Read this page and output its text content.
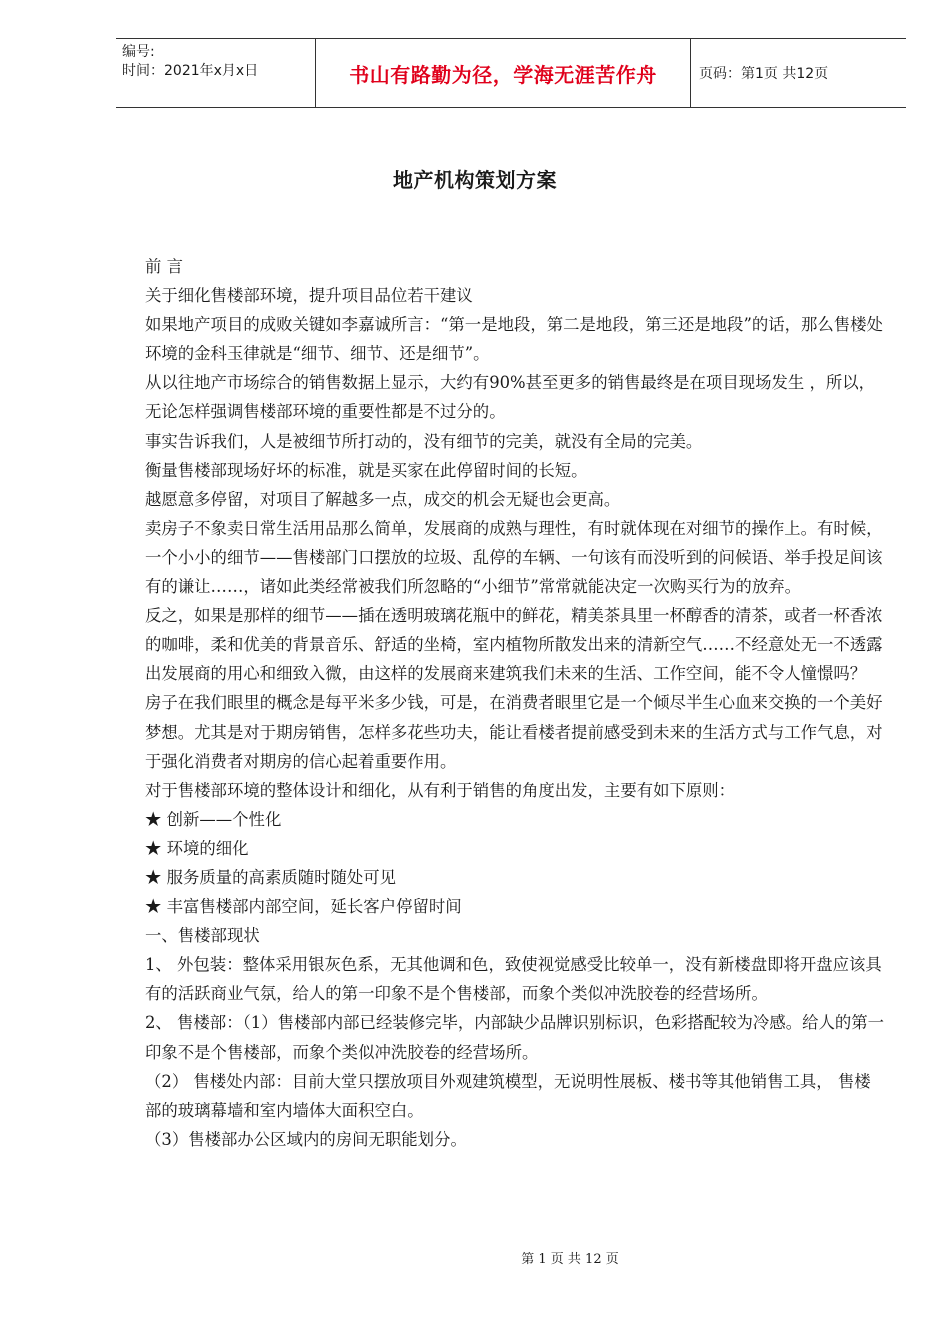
编号:
时间：2021年x月x日	书山有路勤为径，学海无涯苦作舟	页码：第1页 共12页
地产机构策划方案

前 言

关于细化售楼部环境，提升项目品位若干建议

如果地产项目的成败关键如李嘉诚所言：“第一是地段，第二是地段，第三还是地段”的话，那么售楼处环境的金科玉律就是“细节、细节、还是细节”。

从以往地产市场综合的销售数据上显示，大约有90%甚至更多的销售最终是在项目现场发生 ，所以，无论怎样强调售楼部环境的重要性都是不过分的。

事实告诉我们，人是被细节所打动的，没有细节的完美，就没有全局的完美。

衡量售楼部现场好坏的标准，就是买家在此停留时间的长短。

越愿意多停留，对项目了解越多一点，成交的机会无疑也会更高。

卖房子不象卖日常生活用品那么简单，发展商的成熟与理性，有时就体现在对细节的操作上。有时候，一个小小的细节——售楼部门口摆放的垃圾、乱停的车辆、一句该有而没听到的问候语、举手投足间该有的谦让……，诸如此类经常被我们所忽略的“小细节”常常就能决定一次购买行为的放弃。

反之，如果是那样的细节——插在透明玻璃花瓶中的鲜花，精美茶具里一杯醇香的清茶，或者一杯香浓的咖啡，柔和优美的背景音乐、舒适的坐椅，室内植物所散发出来的清新空气……不经意处无一不透露出发展商的用心和细致入微，由这样的发展商来建筑我们未来的生活、工作空间，能不令人憧憬吗？

房子在我们眼里的概念是每平米多少钱，可是，在消费者眼里它是一个倾尽半生心血来交换的一个美好梦想。尤其是对于期房销售，怎样多花些功夫，能让看楼者提前感受到未来的生活方式与工作气息，对于强化消费者对期房的信心起着重要作用。

对于售楼部环境的整体设计和细化，从有利于销售的角度出发，主要有如下原则：

★ 创新——个性化

★ 环境的细化

★ 服务质量的高素质随时随处可见

★ 丰富售楼部内部空间，延长客户停留时间

一、售楼部现状

1、 外包装：整体采用银灰色系，无其他调和色，致使视觉感受比较单一，没有新楼盘即将开盘应该具有的活跃商业气氛，给人的第一印象不是个售楼部，而象个类似冲洗胶卷的经营场所。

2、 售楼部：（1）售楼部内部已经装修完毕，内部缺少品牌识别标识，色彩搭配较为冷感。给人的第一印象不是个售楼部，而象个类似冲洗胶卷的经营场所。

（2） 售楼处内部：目前大堂只摆放项目外观建筑模型，无说明性展板、楼书等其他销售工具， 售楼部的玻璃幕墙和室内墙体大面积空白。

（3）售楼部办公区域内的房间无职能划分。

第 1 页 共 12 页
